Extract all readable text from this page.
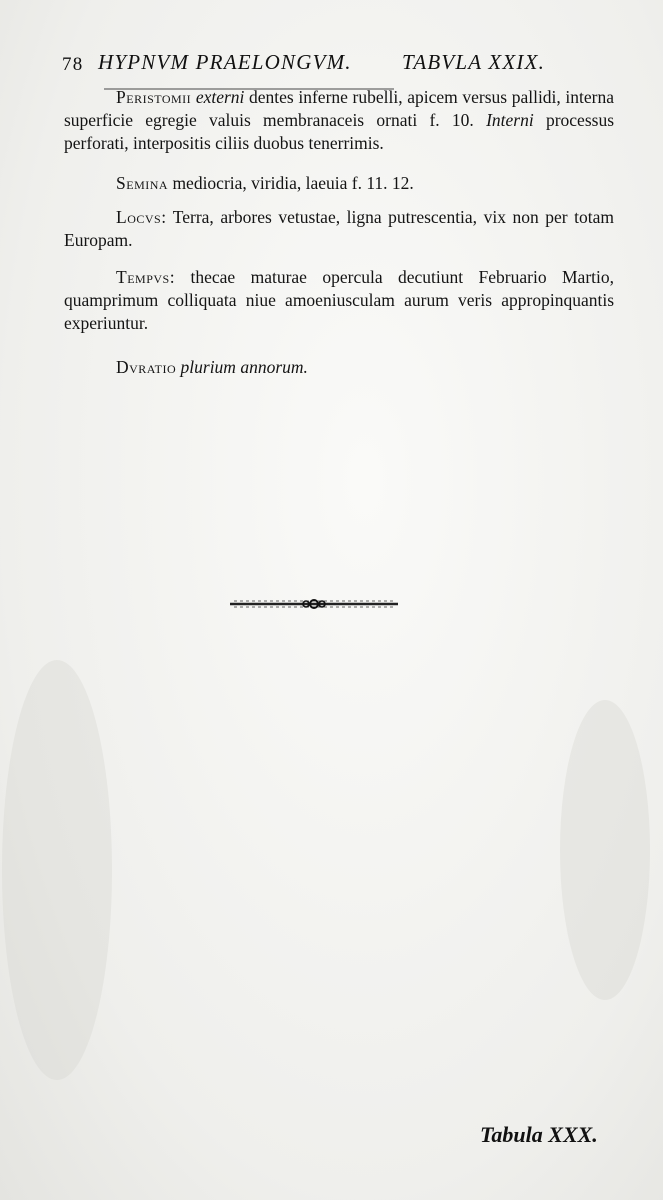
78 HYPNVM PRAELONGVM. TABVLA XXIX.
Peristomii externi dentes inferne rubelli, apicem versus pallidi, interna superficie egregie valuis membranaceis ornati f. 10. Interni processus perforati, interpositis ciliis duobus tenerrimis.
Semina mediocria, viridia, laeuia f. 11. 12.
Locvs: Terra, arbores vetustae, ligna putrescentia, vix non per totam Europam.
Tempvs: thecae maturae opercula decutiunt Februario Martio, quamprimum colliquata niue amoeniusculam aurum veris appropinquantis experiuntur.
Dvratio plurium annorum.

Tabula XXX.
